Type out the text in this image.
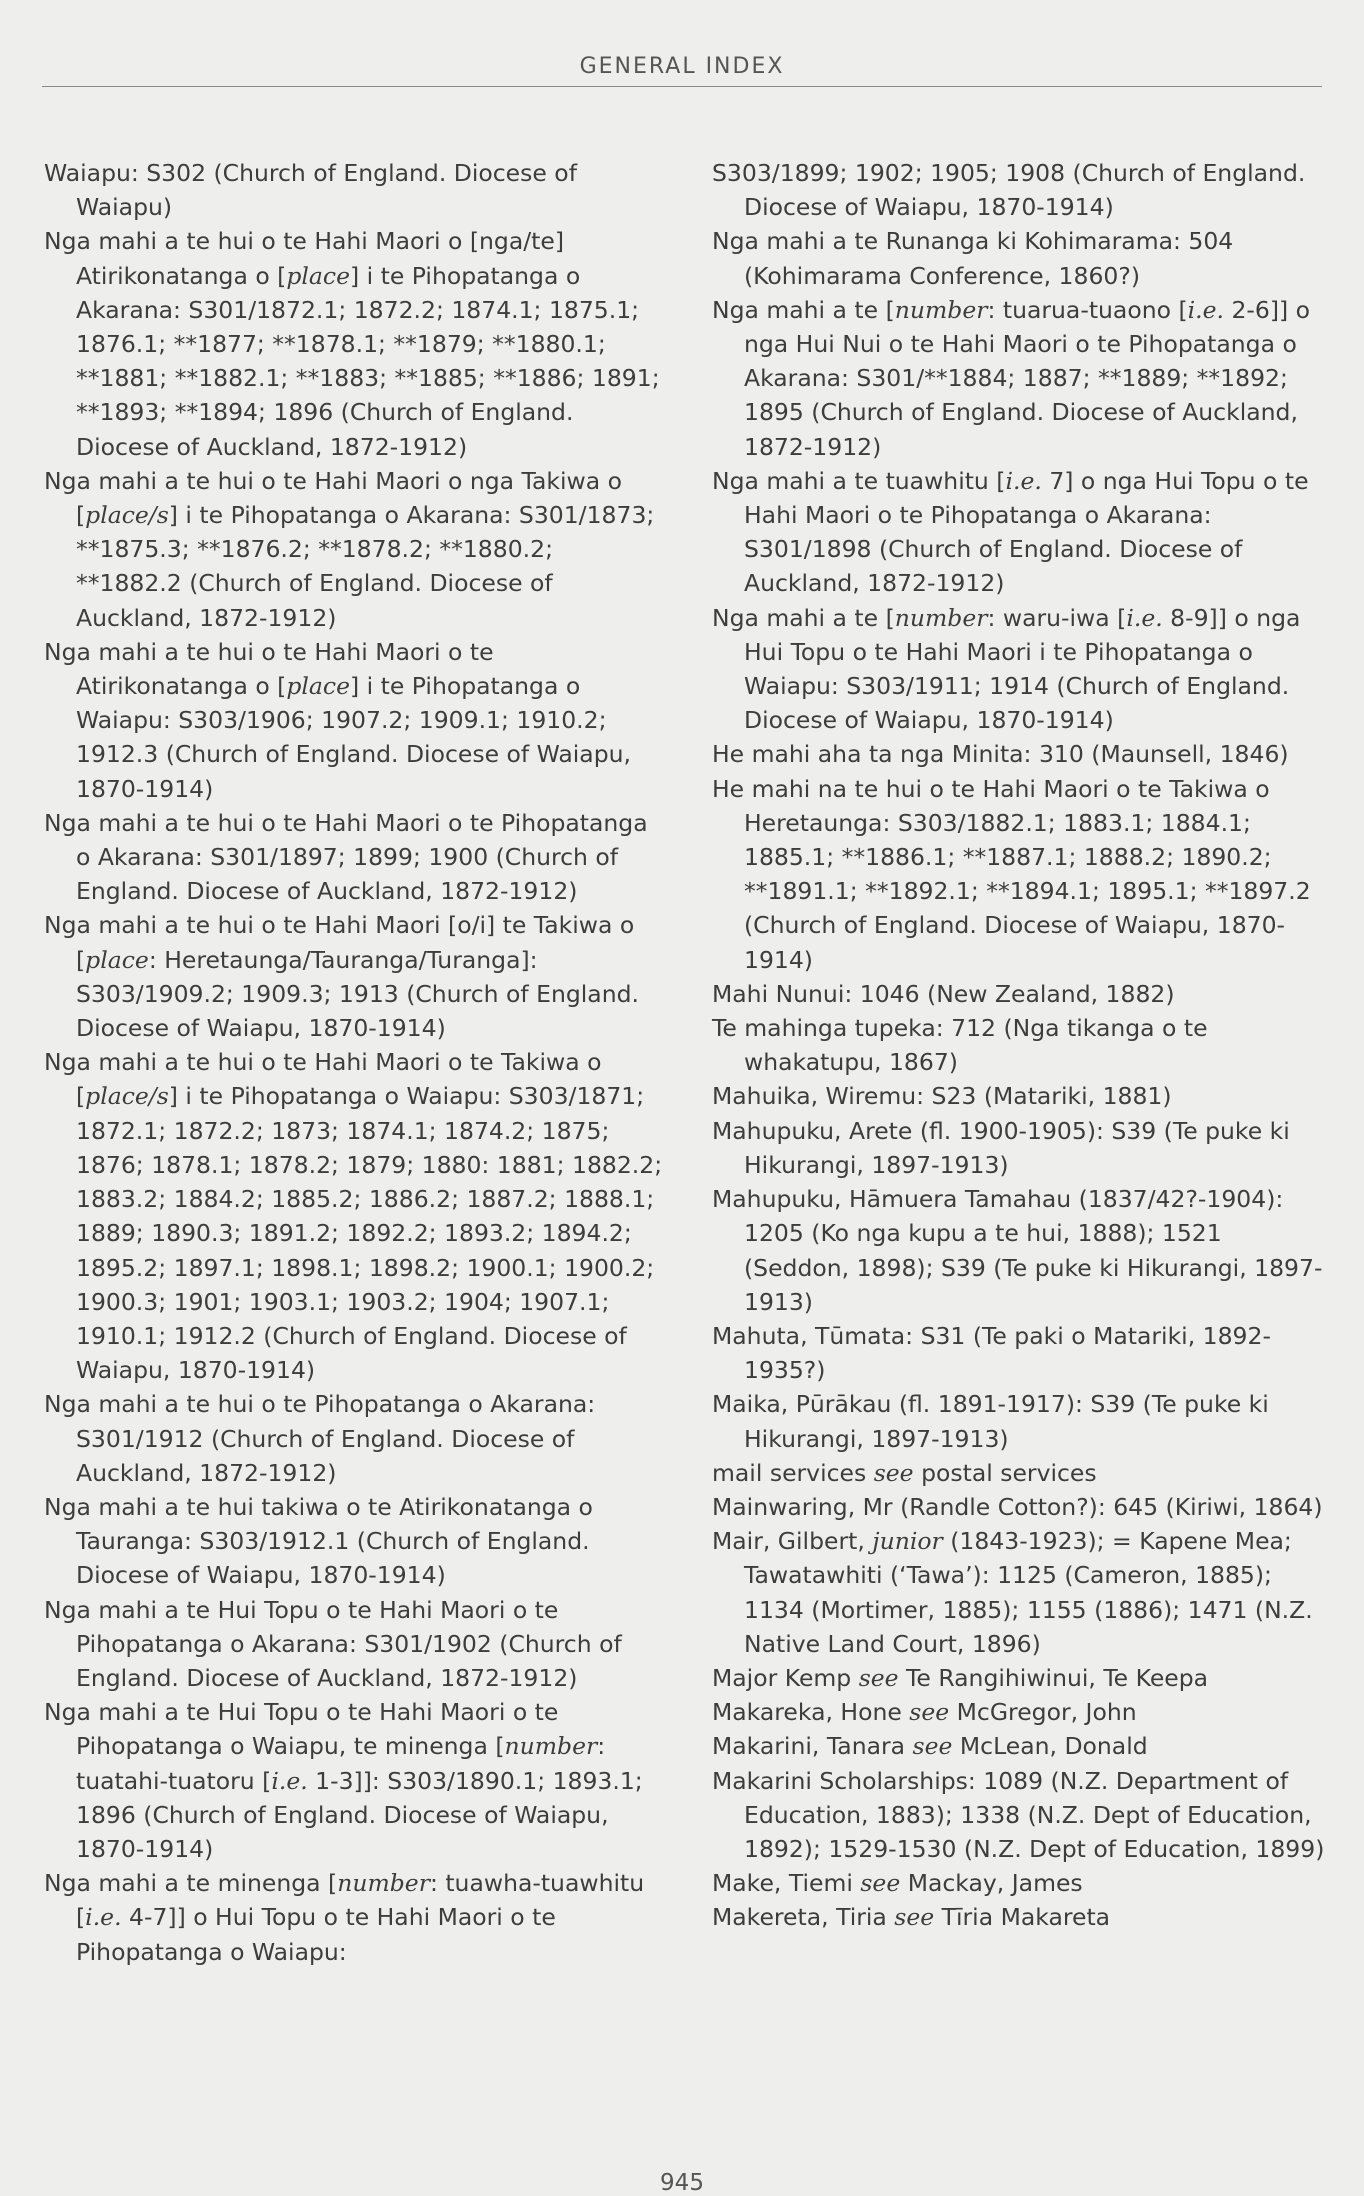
GENERAL INDEX
Waiapu: S302 (Church of England. Diocese of Waiapu)
Nga mahi a te hui o te Hahi Maori o [nga/te] Atirikonatanga o [place] i te Pihopatanga o Akarana: S301/1872.1; 1872.2; 1874.1; 1875.1; 1876.1; **1877; **1878.1; **1879; **1880.1; **1881; **1882.1; **1883; **1885; **1886; 1891; **1893; **1894; 1896 (Church of England. Diocese of Auckland, 1872-1912)
Nga mahi a te hui o te Hahi Maori o nga Takiwa o [place/s] i te Pihopatanga o Akarana: S301/1873; **1875.3; **1876.2; **1878.2; **1880.2; **1882.2 (Church of England. Diocese of Auckland, 1872-1912)
Nga mahi a te hui o te Hahi Maori o te Atirikonatanga o [place] i te Pihopatanga o Waiapu: S303/1906; 1907.2; 1909.1; 1910.2; 1912.3 (Church of England. Diocese of Waiapu, 1870-1914)
Nga mahi a te hui o te Hahi Maori o te Pihopatanga o Akarana: S301/1897; 1899; 1900 (Church of England. Diocese of Auckland, 1872-1912)
Nga mahi a te hui o te Hahi Maori [o/i] te Takiwa o [place: Heretaunga/Tauranga/Turanga]: S303/1909.2; 1909.3; 1913 (Church of England. Diocese of Waiapu, 1870-1914)
Nga mahi a te hui o te Hahi Maori o te Takiwa o [place/s] i te Pihopatanga o Waiapu: S303/1871; 1872.1; 1872.2; 1873; 1874.1; 1874.2; 1875; 1876; 1878.1; 1878.2; 1879; 1880: 1881; 1882.2; 1883.2; 1884.2; 1885.2; 1886.2; 1887.2; 1888.1; 1889; 1890.3; 1891.2; 1892.2; 1893.2; 1894.2; 1895.2; 1897.1; 1898.1; 1898.2; 1900.1; 1900.2; 1900.3; 1901; 1903.1; 1903.2; 1904; 1907.1; 1910.1; 1912.2 (Church of England. Diocese of Waiapu, 1870-1914)
Nga mahi a te hui o te Pihopatanga o Akarana: S301/1912 (Church of England. Diocese of Auckland, 1872-1912)
Nga mahi a te hui takiwa o te Atirikonatanga o Tauranga: S303/1912.1 (Church of England. Diocese of Waiapu, 1870-1914)
Nga mahi a te Hui Topu o te Hahi Maori o te Pihopatanga o Akarana: S301/1902 (Church of England. Diocese of Auckland, 1872-1912)
Nga mahi a te Hui Topu o te Hahi Maori o te Pihopatanga o Waiapu, te minenga [number: tuatahi-tuatoru [i.e. 1-3]]: S303/1890.1; 1893.1; 1896 (Church of England. Diocese of Waiapu, 1870-1914)
Nga mahi a te minenga [number: tuawha-tuawhitu [i.e. 4-7]] o Hui Topu o te Hahi Maori o te Pihopatanga o Waiapu:
S303/1899; 1902; 1905; 1908 (Church of England. Diocese of Waiapu, 1870-1914)
Nga mahi a te Runanga ki Kohimarama: 504 (Kohimarama Conference, 1860?)
Nga mahi a te [number: tuarua-tuaono [i.e. 2-6]] o nga Hui Nui o te Hahi Maori o te Pihopatanga o Akarana: S301/**1884; 1887; **1889; **1892; 1895 (Church of England. Diocese of Auckland, 1872-1912)
Nga mahi a te tuawhitu [i.e. 7] o nga Hui Topu o te Hahi Maori o te Pihopatanga o Akarana: S301/1898 (Church of England. Diocese of Auckland, 1872-1912)
Nga mahi a te [number: waru-iwa [i.e. 8-9]] o nga Hui Topu o te Hahi Maori i te Pihopatanga o Waiapu: S303/1911; 1914 (Church of England. Diocese of Waiapu, 1870-1914)
He mahi aha ta nga Minita: 310 (Maunsell, 1846)
He mahi na te hui o te Hahi Maori o te Takiwa o Heretaunga: S303/1882.1; 1883.1; 1884.1; 1885.1; **1886.1; **1887.1; 1888.2; 1890.2; **1891.1; **1892.1; **1894.1; 1895.1; **1897.2 (Church of England. Diocese of Waiapu, 1870-1914)
Mahi Nunui: 1046 (New Zealand, 1882)
Te mahinga tupeka: 712 (Nga tikanga o te whakatupu, 1867)
Mahuika, Wiremu: S23 (Matariki, 1881)
Mahupuku, Arete (fl. 1900-1905): S39 (Te puke ki Hikurangi, 1897-1913)
Mahupuku, Hāmuera Tamahau (1837/42?-1904): 1205 (Ko nga kupu a te hui, 1888); 1521 (Seddon, 1898); S39 (Te puke ki Hikurangi, 1897-1913)
Mahuta, Tūmata: S31 (Te paki o Matariki, 1892-1935?)
Maika, Pūrākau (fl. 1891-1917): S39 (Te puke ki Hikurangi, 1897-1913)
mail services see postal services
Mainwaring, Mr (Randle Cotton?): 645 (Kiriwi, 1864)
Mair, Gilbert, junior (1843-1923); = Kapene Mea; Tawatawhiti (‘Tawa’): 1125 (Cameron, 1885); 1134 (Mortimer, 1885); 1155 (1886); 1471 (N.Z. Native Land Court, 1896)
Major Kemp see Te Rangihiwinui, Te Keepa
Makareka, Hone see McGregor, John
Makarini, Tanara see McLean, Donald
Makarini Scholarships: 1089 (N.Z. Department of Education, 1883); 1338 (N.Z. Dept of Education, 1892); 1529-1530 (N.Z. Dept of Education, 1899)
Make, Tiemi see Mackay, James
Makereta, Tiria see Tīria Makareta
945
